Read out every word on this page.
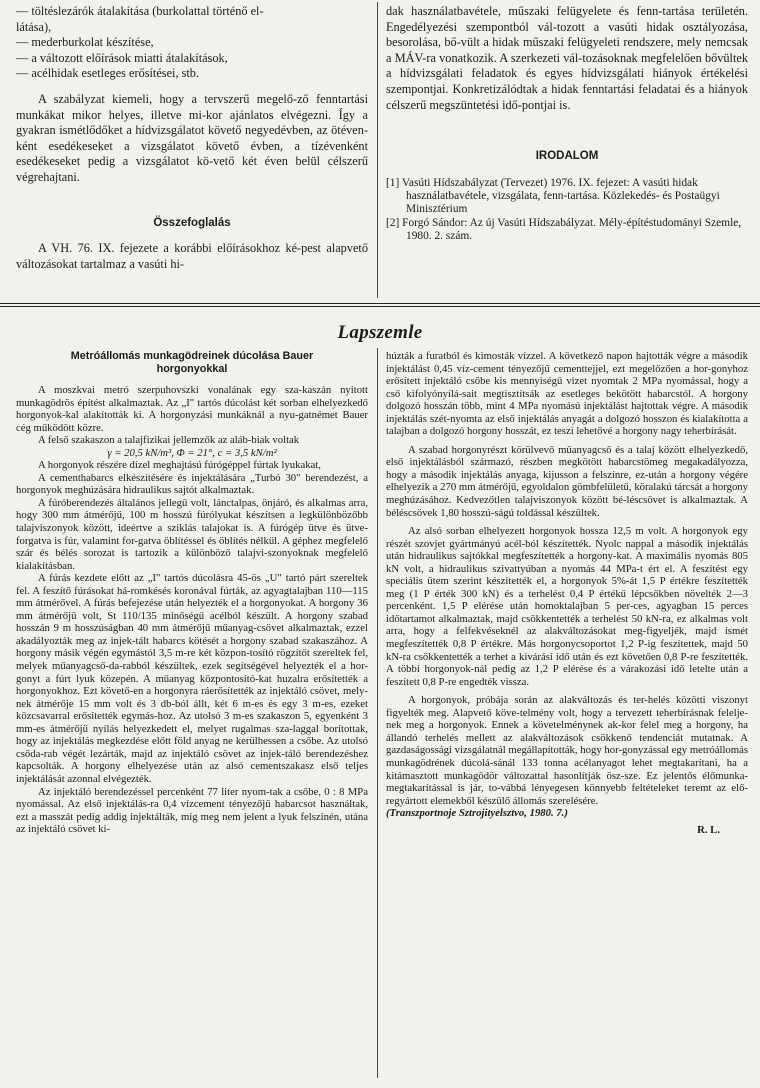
— töltéslezárók átalakítása (burkolattal történő el-
látása),
— mederburkolat készítése,
— a változott előírások miatti átalakítások,
— acélhidak esetleges erősítései, stb.

A szabályzat kiemeli, hogy a tervszerű megelő-ző fenntartási munkákat mikor helyes, illetve mi-kor ajánlatos elvégezni. Így a gyakran ismétlődőket a hídvizsgálatot követő negyedévben, az ötéven-ként esedékeseket a vizsgálatot követő évben, a tízévenként esedékeseket pedig a vizsgálatot kö-vető két éven belül célszerű végrehajtani.

Összefoglalás

A VH. 76. IX. fejezete a korábbi előírásokhoz ké-pest alapvető változásokat tartalmaz a vasúti hi-

dak használatbavétele, műszaki felügyelete és fenn-tartása területén. Engedélyezési szempontból vál-tozott a vasúti hidak osztályozása, besorolása, bő-vült a hidak műszaki felügyeleti rendszere, mely nemcsak a MÁV-ra vonatkozik. A szerkezeti vál-tozásoknak megfelelően bővültek a hídvizsgálati feladatok és egyes hídvizsgálati hiányok értékelési szempontjai. Konkretizálódtak a hidak fenntartási feladatai és a hiányok célszerű megszüntetési idő-pontjai is.

IRODALOM

[1] Vasúti Hídszabályzat (Tervezet) 1976. IX. fejezet: A vasúti hidak használatbavétele, vizsgálata, fenn-tartása. Közlekedés- és Postaügyi Minisztérium

[2] Forgó Sándor: Az új Vasúti Hídszabályzat. Mély-építéstudományi Szemle, 1980. 2. szám.

Lapszemle

Metróállomás munkagödreinek dúcolása Bauer horgonyokkal

A moszkvai metró szerpuhovszki vonalának egy sza-kaszán nyitott munkagödrös építést alkalmaztak. Az „I" tartós dúcolást két sorban elhelyezkedő horgonyok-kal alakították ki. A horgonyzási munkáknál a nyu-gatnémet Bauer cég működött közre.

A felső szakaszon a talajfizikai jellemzők az aláb-biak voltak

γ = 20,5 kN/m³, Φ = 21°, c = 3,5 kN/m²

A horgonyok részére dízel meghajtású fúrógéppel fúrtak lyukakat,

A cementhabarcs elkészítésére és injektálására „Turbó 30" berendezést, a horgonyok meghúzására hidraulikus sajtót alkalmaztak.

A fúróberendezés általános jellegű volt, lánctalpas, önjáró, és alkalmas arra, hogy 300 mm átmérőjű, 100 m hosszú fúrólyukat készítsen a legkülönbözőbb talajviszonyok között, ideértve a sziklás talajokat is. A fúrógép ütve és ütve-forgatva is fúr, valamint for-gatva öblítéssel és öblítés nélkül. A géphez megfelelő szár és bélés sorozat is tartozik a különböző talajvi-szonyoknak megfelelő kialakításban.

A fúrás kezdete előtt az „I" tartós dúcolásra 45-ös „U" tartó párt szereltek fel. A feszítő fúrásokat há-romkésés koronával fúrták, az agyagtalajban 110—115 mm átmérővel. A fúrás befejezése után helyezték el a horgonyokat. A horgony 36 mm átmérőjű volt, St 110/135 minőségű acélból készült. A horgony szabad hosszán 9 m hosszúságban 40 mm átmérőjű műanyag-csövet alkalmaztak, ezzel akadályozták meg az injek-tált habarcs kötését a horgony szabad szakaszához. A horgony másik végén egymástól 3,5 m-re két közpon-tosító rögzítőt szereltek fel, melyek műanyagcső-da-rabból készültek, ezek segítségével helyezték el a hor-gonyt a fúrt lyuk közepén. A műanyag központosító-kat huzalra erősítették a horgonyokhoz. Ezt követő-en a horgonyra ráerősítették az injektáló csövet, mely-nek átmérője 15 mm volt és 3 db-ból állt, két 6 m-es és egy 3 m-es, ezeket közcsavarral erősítették egymás-hoz. Az utolsó 3 m-es szakaszon 5, egyenként 3 mm-es átmérőjű nyílás helyezkedett el, melyet rugalmas sza-laggal borítottak, hogy az injektálás megkezdése előtt föld anyag ne kerülhessen a csőbe. Az utolsó csőda-rab végét lezárták, majd az injektáló csövet az injek-táló berendezéshez kapcsolták. A horgony elhelyezése után az alsó cementszakasz első teljes injektálását azonnal elvégezték.

Az injektáló berendezéssel percenként 77 liter nyom-tak a csőbe, 0 : 8 MPa nyomással. Az első injektálás-ra 0,4 vízcement tényezőjű habarcsot használtak, ezt a masszát pedig addig injektálták, míg meg nem jelent a lyuk felszínén, utána az injektáló csövet ki-

húzták a furatból és kimosták vízzel. A következő napon hajtották végre a második injektálást 0,45 víz-cement tényezőjű cementtejjel, ezt megelőzően a hor-gonyhoz erősített injektáló csőbe kis mennyiségű vizet nyomtak 2 MPa nyomással, hogy a cső kifolyónyílá-sait megtisztítsák az esetleges bekötött habarcstól. A horgony dolgozó hosszán több, mint 4 MPa nyomású injektálást hajtottak végre. A második injektálás szét-nyomta az első injektálás anyagát a dolgozó hosszon és kialakította a talajban a dolgozó horgony hosszát, ez teszi lehetővé a horgony nagy teherbírását.

A szabad horgonyrészt körülvevő műanyagcső és a talaj között elhelyezkedő, első injektálásból származó, részben megkötött habarcstömeg megakadályozza, hogy a második injektálás anyaga, kijusson a felszínre, ez-után a horgony végére elhelyezik a 270 mm átmérőjű, egyoldalon gömbfelületű, köralakú tárcsát a horgony meghúzásához. Kedvezőtlen talajviszonyok között bé-léscsövet is alkalmaztak. A béléscsövek 1,80 hosszú-ságú toldással készültek.

Az alsó sorban elhelyezett horgonyok hossza 12,5 m volt. A horgonyok egy részét szovjet gyártmányú acél-ból készítették. Nyolc nappal a második injektálás után hidraulikus sajtókkal megfeszítették a horgony-kat. A maximális nyomás 805 kN volt, a hidraulikus szivattyúban a nyomás 44 MPa-t ért el. A feszítést egy speciális ütem szerint készítették el, a horgonyok 5%-át 1,5 P értékre feszítették meg (1 P érték 300 kN) és a terhelést 0,4 P értékű lépcsőkben növelték 2—3 percenként. 1,5 P elérése után homoktalajban 5 per-ces, agyagban 15 perces időtartamot alkalmaztak, majd csökkentették a terhelést 50 kN-ra, ez alkalmas volt arra, hogy a felfekvéseknél az alakváltozásokat meg-figyeljék, majd ismét megfeszítették 0,8 P értékre. Más horgonycsoportot 1,2 P-ig feszítettek, majd 50 kN-ra csökkentették a terhet a kivárási idő után és ezt követően 0,8 P-re feszítették. A többi horgonyok-nál pedig az 1,2 P elérése és a várakozási idő letelte után a feszített 0,8 P-re engedték vissza.

A horgonyok, próbája során az alakváltozás és ter-helés közötti viszonyt figyelték meg. Alapvető köve-telmény volt, hogy a tervezett teherbírásnak felelje-nek meg a horgonyok. Ennek a követelménynek ak-kor felel meg a horgony, ha állandó terhelés mellett az alakváltozások csökkenő tendenciát mutatnak. A gazdaságossági vizsgálatnál megállapították, hogy hor-gonyzással egy metróállomás munkagödrének dúcolá-sánál 133 tonna acélanyagot lehet megtakarítani, ha a kitámasztott munkagödör változattal hasonlítják ösz-sze. Ez jelentős élőmunka-megtakarítással is jár, to-vábbá lényegesen könnyebb feltételeket teremt az elő-regyártott elemekből készülő állomás szerelésére.

(Transzportnoje Sztrojityelsztvo, 1980. 7.)

R. L.
